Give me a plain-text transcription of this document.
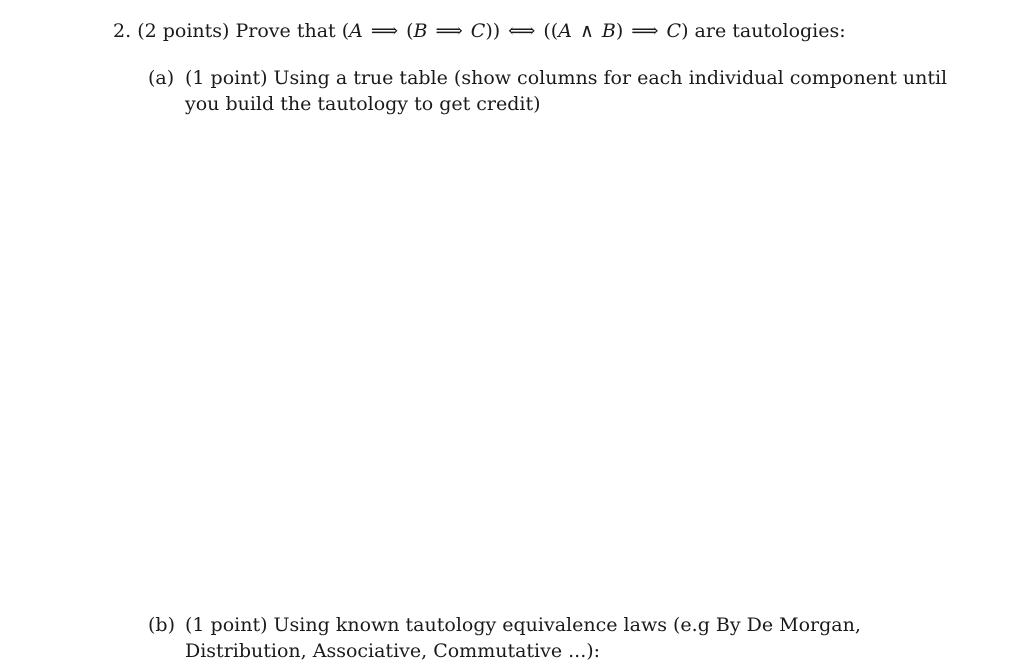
2. (2 points) Prove that (A ⟹ (B ⟹ C)) ⟺ ((A ∧ B) ⟹ C) are tautologies:
(a) (1 point) Using a true table (show columns for each individual component until you build the tautology to get credit)
(b) (1 point) Using known tautology equivalence laws (e.g By De Morgan, Distribution, Associative, Commutative ...):
